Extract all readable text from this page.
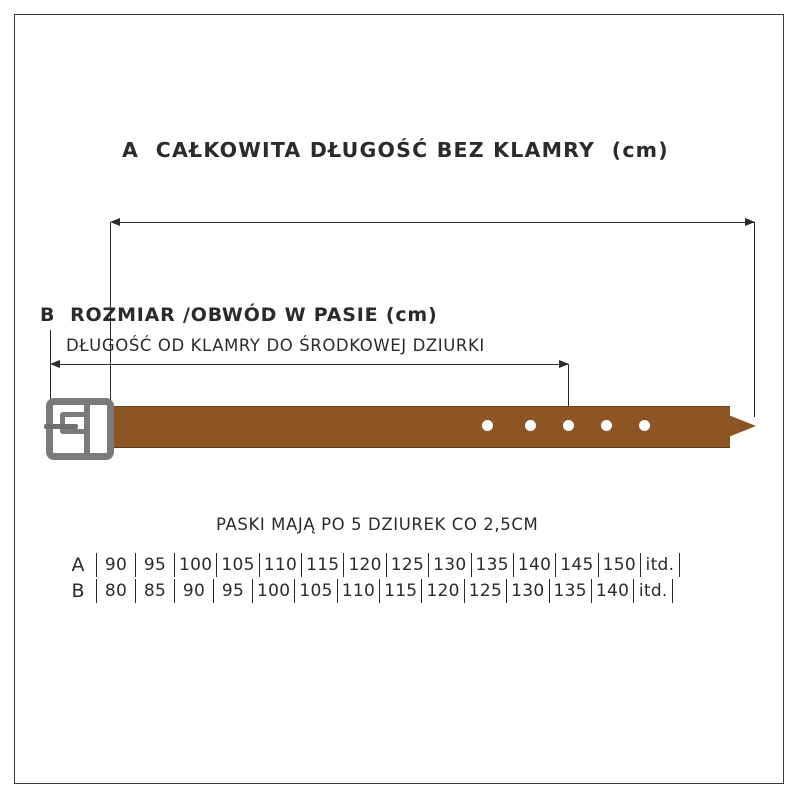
A  CAŁKOWITA DŁUGOŚĆ BEZ KLAMRY  (cm)
B  ROZMIAR /OBWÓD W PASIE (cm)
DŁUGOŚĆ OD KLAMRY DO ŚRODKOWEJ DZIURKI
PASKI MAJĄ PO 5 DZIUREK CO 2,5CM
A	90 95 100 105 110 115 120 125 130 135 140 145 150 itd.
B	80 85 90 95 100 105 110 115 120 125 130 135 140 itd.
